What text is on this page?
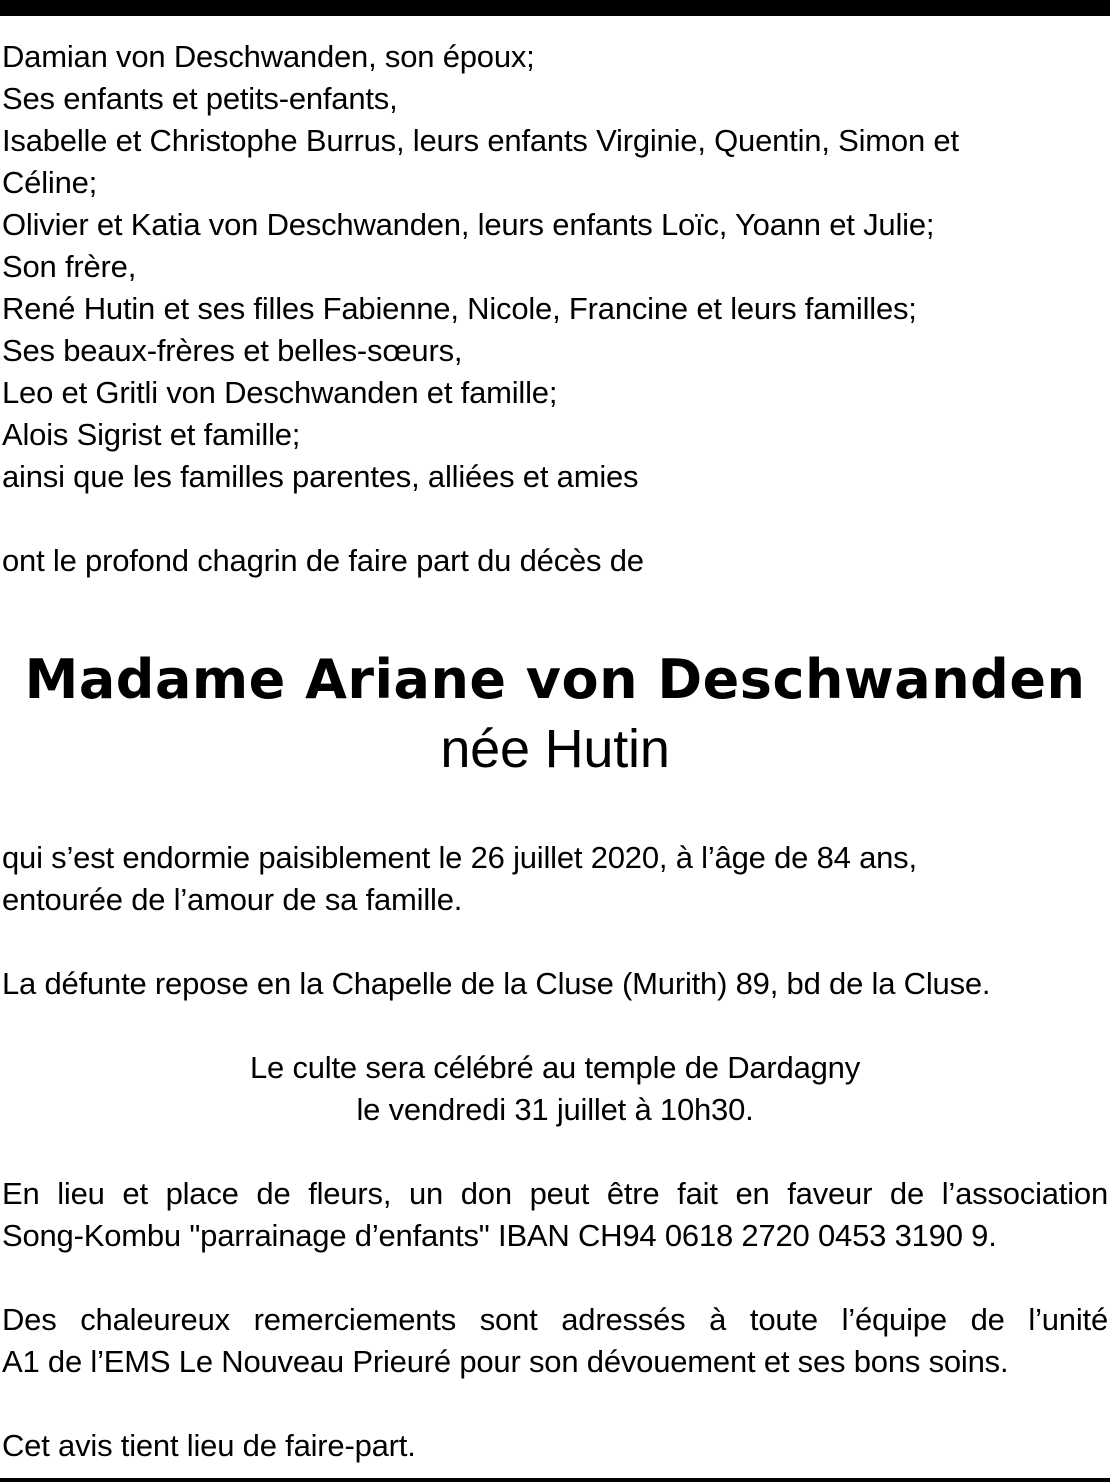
Damian von Deschwanden, son époux;
Ses enfants et petits-enfants,
Isabelle et Christophe Burrus, leurs enfants Virginie, Quentin, Simon et
Céline;
Olivier et Katia von Deschwanden, leurs enfants Loïc, Yoann et Julie;
Son frère,
René Hutin et ses filles Fabienne, Nicole, Francine et leurs familles;
Ses beaux-frères et belles-sœurs,
Leo et Gritli von Deschwanden et famille;
Alois Sigrist et famille;
ainsi que les familles parentes, alliées et amies

ont le profond chagrin de faire part du décès de

Madame Ariane von Deschwanden
née Hutin
qui s’est endormie paisiblement le 26 juillet 2020, à l’âge de 84 ans,
entourée de l’amour de sa famille.

La défunte repose en la Chapelle de la Cluse (Murith) 89, bd de la Cluse.

Le culte sera célébré au temple de Dardagny
le vendredi 31 juillet à 10h30.
En lieu et place de fleurs, un don peut être fait en faveur de l’association
Song-Kombu "parrainage d’enfants" IBAN CH94 0618 2720 0453 3190 9.
Des chaleureux remerciements sont adressés à toute l’équipe de l’unité
A1 de l’EMS Le Nouveau Prieuré pour son dévouement et ses bons soins.

Cet avis tient lieu de faire-part.
